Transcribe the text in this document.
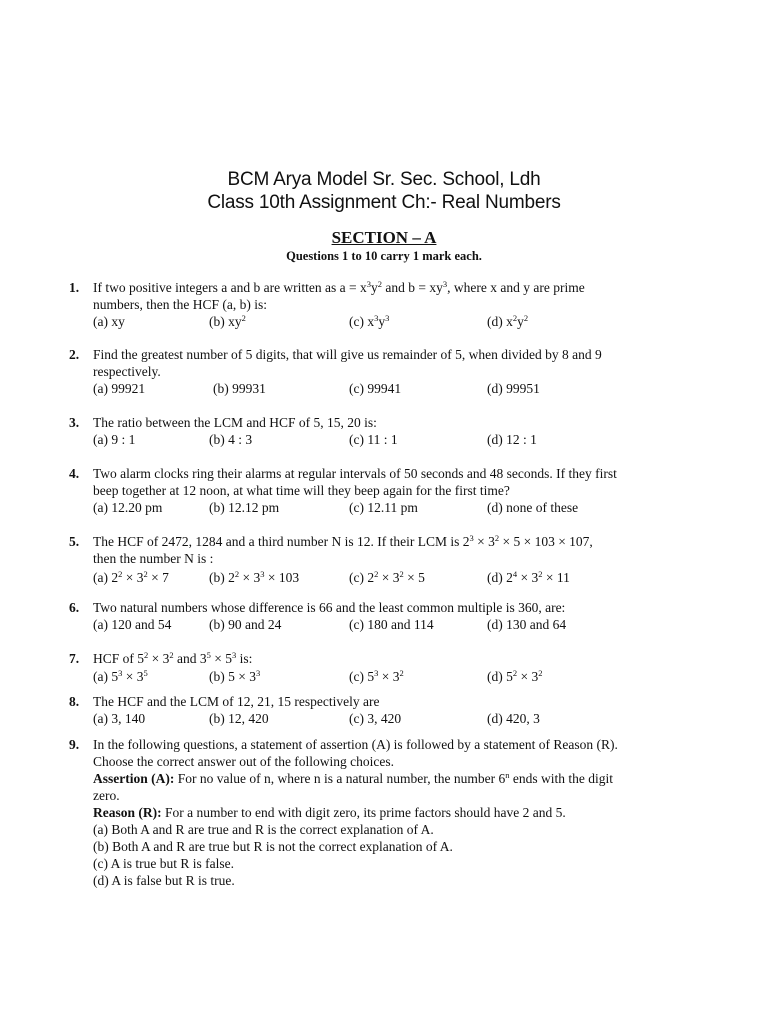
BCM Arya Model Sr. Sec. School, Ldh
Class 10th Assignment Ch:- Real Numbers
SECTION – A
Questions 1 to 10 carry 1 mark each.
1. If two positive integers a and b are written as $a = x^3y^2$ and $b = xy^3$, where x and y are prime
numbers, then the HCF (a, b) is:
(a) xy	(b) $xy^2$	(c) $x^3y^3$	(d) $x^2y^2$
2. Find the greatest number of 5 digits, that will give us remainder of 5, when divided by 8 and 9
respectively.
(a) 99921	(b) 99931	(c) 99941	(d) 99951
3. The ratio between the LCM and HCF of 5, 15, 20 is:
(a) 9 : 1	(b) 4 : 3	(c) 11 : 1	(d) 12 : 1
4. Two alarm clocks ring their alarms at regular intervals of 50 seconds and 48 seconds. If they first
beep together at 12 noon, at what time will they beep again for the first time?
(a) 12.20 pm	(b) 12.12 pm	(c) 12.11 pm	(d) none of these
5. The HCF of 2472, 1284 and a third number N is 12. If their LCM is $2^3 \times 3^2 \times 5 \times 103 \times 107$,
then the number N is :
(a) $2^2 \times 3^2 \times 7$	(b) $2^2 \times 3^3 \times 103$	(c) $2^2 \times 3^2 \times 5$	(d) $2^4 \times 3^2 \times 11$
6. Two natural numbers whose difference is 66 and the least common multiple is 360, are:
(a) 120 and 54	(b) 90 and 24	(c) 180 and 114	(d) 130 and 64
7. HCF of $5^2 \times 3^2$ and $3^5 \times 5^3$ is:
(a) $5^3 \times 3^5$	(b) $5 \times 3^3$	(c) $5^3 \times 3^2$	(d) $5^2 \times 3^2$
8. The HCF and the LCM of 12, 21, 15 respectively are
(a) 3, 140	(b) 12, 420	(c) 3, 420	(d) 420, 3
9. In the following questions, a statement of assertion (A) is followed by a statement of Reason (R).
Choose the correct answer out of the following choices.
Assertion (A): For no value of n, where n is a natural number, the number 6$^n$ ends with the digit
zero.
Reason (R): For a number to end with digit zero, its prime factors should have 2 and 5.
(a) Both A and R are true and R is the correct explanation of A.
(b) Both A and R are true but R is not the correct explanation of A.
(c) A is true but R is false.
(d) A is false but R is true.
